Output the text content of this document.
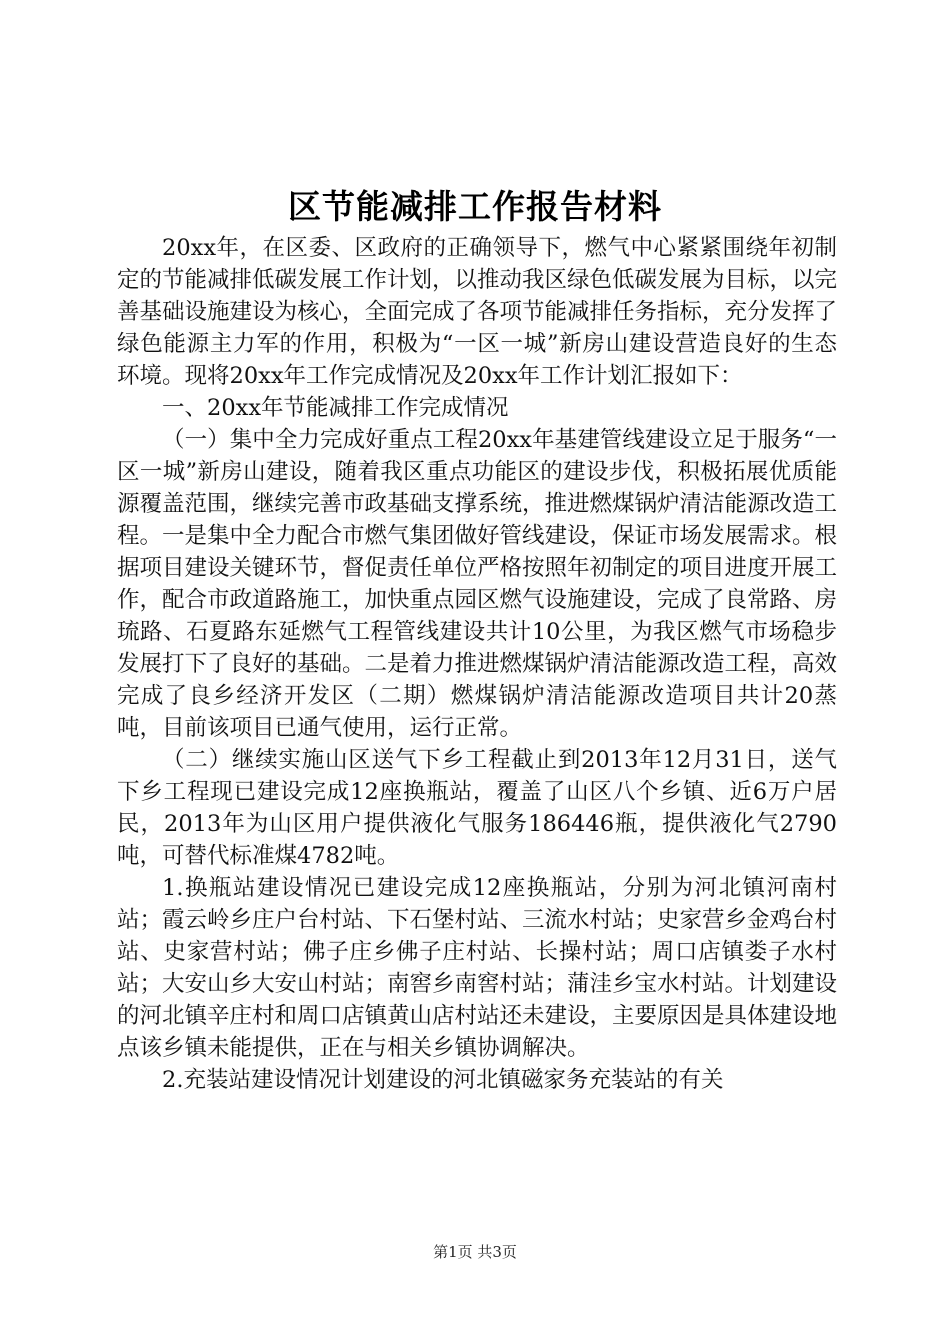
区节能减排工作报告材料

20xx年，在区委、区政府的正确领导下，燃气中心紧紧围绕年初制定的节能减排低碳发展工作计划，以推动我区绿色低碳发展为目标，以完善基础设施建设为核心，全面完成了各项节能减排任务指标，充分发挥了绿色能源主力军的作用，积极为“一区一城”新房山建设营造良好的生态环境。现将20xx年工作完成情况及20xx年工作计划汇报如下：

一、20xx年节能减排工作完成情况

（一）集中全力完成好重点工程20xx年基建管线建设立足于服务“一区一城”新房山建设，随着我区重点功能区的建设步伐，积极拓展优质能源覆盖范围，继续完善市政基础支撑系统，推进燃煤锅炉清洁能源改造工程。一是集中全力配合市燃气集团做好管线建设，保证市场发展需求。根据项目建设关键环节，督促责任单位严格按照年初制定的项目进度开展工作，配合市政道路施工，加快重点园区燃气设施建设，完成了良常路、房琉路、石夏路东延燃气工程管线建设共计10公里，为我区燃气市场稳步发展打下了良好的基础。二是着力推进燃煤锅炉清洁能源改造工程，高效完成了良乡经济开发区（二期）燃煤锅炉清洁能源改造项目共计20蒸吨，目前该项目已通气使用，运行正常。

（二）继续实施山区送气下乡工程截止到2013年12月31日，送气下乡工程现已建设完成12座换瓶站，覆盖了山区八个乡镇、近6万户居民，2013年为山区用户提供液化气服务186446瓶，提供液化气2790吨，可替代标准煤4782吨。

1.换瓶站建设情况已建设完成12座换瓶站，分别为河北镇河南村站；霞云岭乡庄户台村站、下石堡村站、三流水村站；史家营乡金鸡台村站、史家营村站；佛子庄乡佛子庄村站、长操村站；周口店镇娄子水村站；大安山乡大安山村站；南窖乡南窖村站；蒲洼乡宝水村站。计划建设的河北镇辛庄村和周口店镇黄山店村站还未建设，主要原因是具体建设地点该乡镇未能提供，正在与相关乡镇协调解决。

2.充装站建设情况计划建设的河北镇磁家务充装站的有关

第1页 共3页
